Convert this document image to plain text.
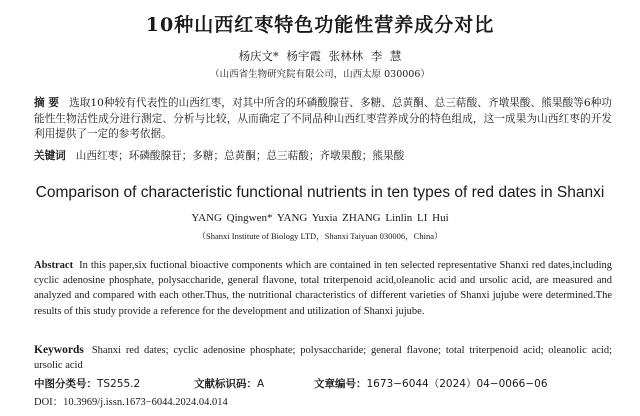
10种山西红枣特色功能性营养成分对比
杨庆文* 杨宇霞 张林林 李 慧
（山西省生物研究院有限公司，山西太原 030006）
摘 要 选取10种较有代表性的山西红枣，对其中所含的环磷酸腺苷、多糖、总黄酮、总三萜酸、齐墩果酸、熊果酸等6种功能性生物活性成分进行测定、分析与比较，从而确定了不同品种山西红枣营养成分的特色组成，这一成果为山西红枣的开发利用提供了一定的参考依据。
关键词 山西红枣；环磷酸腺苷；多糖；总黄酮；总三萜酸；齐墩果酸；熊果酸
Comparison of characteristic functional nutrients in ten types of red dates in Shanxi
YANG Qingwen* YANG Yuxia ZHANG Linlin LI Hui
（Shanxi Institute of Biology LTD，Shanxi Taiyuan 030006，China）
Abstract In this paper,six fuctional bioactive components which are contained in ten selected representative Shanxi red dates,including cyclic adenosine phosphate, polysaccharide, general flavone, total triterpenoid acid,oleanolic acid and ursolic acid, are measured and analyzed and compared with each other.Thus, the nutritional characteristics of different varieties of Shanxi jujube were determined.The results of this study provide a reference for the development and utilization of Shanxi jujube.
Keywords Shanxi red dates; cyclic adenosine phosphate; polysaccharide; general flavone; total triterpenoid acid; oleanolic acid; ursolic acid
中图分类号：TS255.2	文献标识码：A	文章编号：1673−6044（2024）04−0066−06
DOI：10.3969/j.issn.1673−6044.2024.04.014
